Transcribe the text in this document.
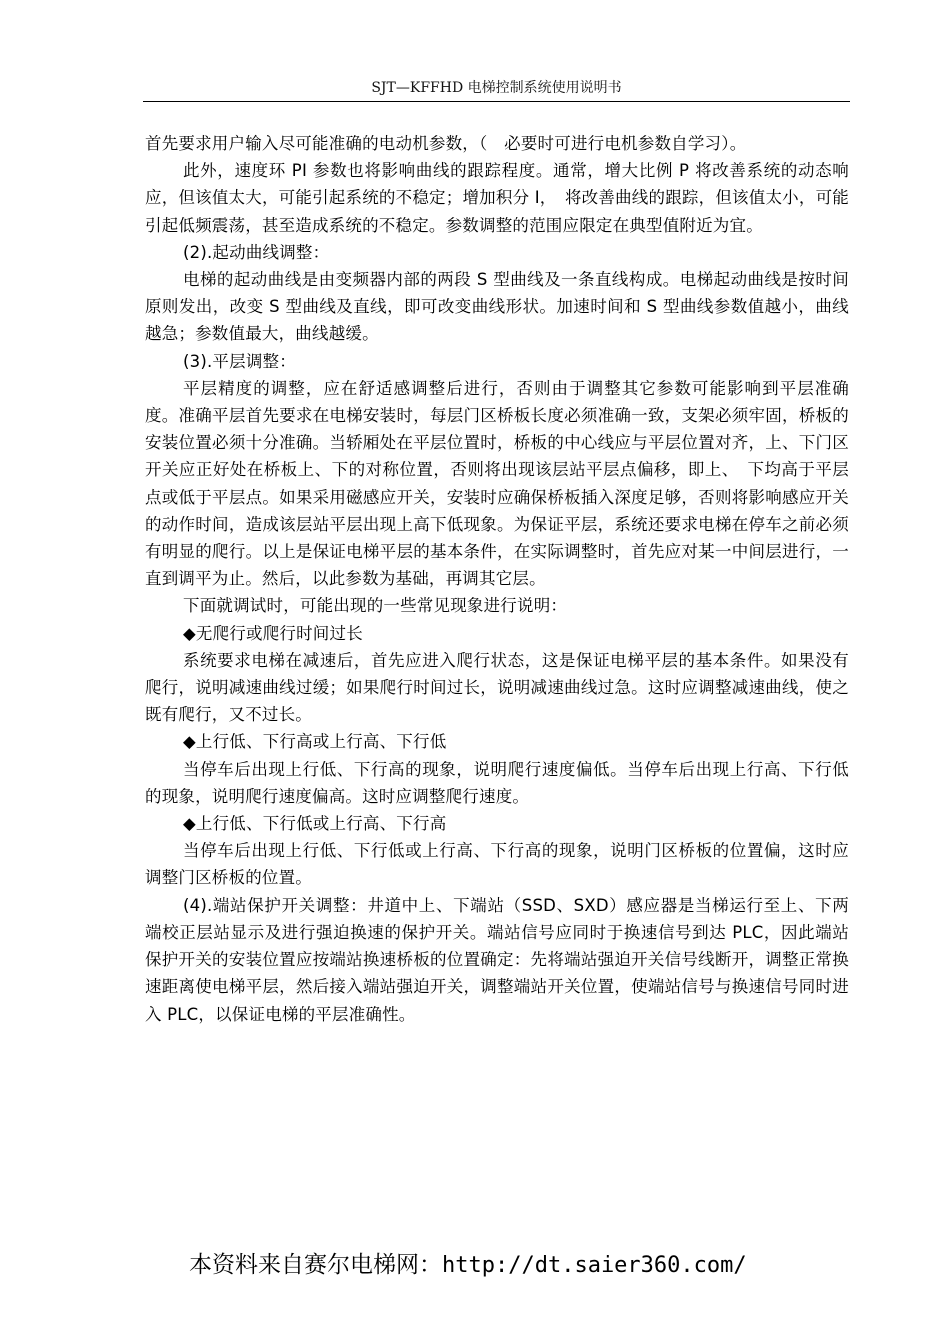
SJT—KFFHD 电梯控制系统使用说明书

首先要求用户输入尽可能准确的电动机参数，（　必要时可进行电机参数自学习）。

此外，速度环 PI 参数也将影响曲线的跟踪程度。通常，增大比例 P 将改善系统的动态响应，但该值太大，可能引起系统的不稳定；增加积分 I，　将改善曲线的跟踪，但该值太小，可能引起低频震荡，甚至造成系统的不稳定。参数调整的范围应限定在典型值附近为宜。

(2).起动曲线调整：

电梯的起动曲线是由变频器内部的两段 S 型曲线及一条直线构成。电梯起动曲线是按时间原则发出，改变 S 型曲线及直线，即可改变曲线形状。加速时间和 S 型曲线参数值越小，曲线越急；参数值最大，曲线越缓。

(3).平层调整：

平层精度的调整，应在舒适感调整后进行，否则由于调整其它参数可能影响到平层准确度。准确平层首先要求在电梯安装时，每层门区桥板长度必须准确一致，支架必须牢固，桥板的安装位置必须十分准确。当轿厢处在平层位置时，桥板的中心线应与平层位置对齐，上、下门区开关应正好处在桥板上、下的对称位置，否则将出现该层站平层点偏移，即上、　下均高于平层点或低于平层点。如果采用磁感应开关，安装时应确保桥板插入深度足够，否则将影响感应开关的动作时间，造成该层站平层出现上高下低现象。为保证平层，系统还要求电梯在停车之前必须有明显的爬行。以上是保证电梯平层的基本条件，在实际调整时，首先应对某一中间层进行，一直到调平为止。然后，以此参数为基础，再调其它层。

下面就调试时，可能出现的一些常见现象进行说明：

◆无爬行或爬行时间过长

系统要求电梯在减速后，首先应进入爬行状态，这是保证电梯平层的基本条件。如果没有爬行，说明减速曲线过缓；如果爬行时间过长，说明减速曲线过急。这时应调整减速曲线，使之既有爬行，又不过长。

◆上行低、下行高或上行高、下行低

当停车后出现上行低、下行高的现象，说明爬行速度偏低。当停车后出现上行高、下行低的现象，说明爬行速度偏高。这时应调整爬行速度。

◆上行低、下行低或上行高、下行高

当停车后出现上行低、下行低或上行高、下行高的现象，说明门区桥板的位置偏，这时应调整门区桥板的位置。

(4).端站保护开关调整：井道中上、下端站（SSD、SXD）感应器是当梯运行至上、下两端校正层站显示及进行强迫换速的保护开关。端站信号应同时于换速信号到达 PLC，因此端站保护开关的安装位置应按端站换速桥板的位置确定：先将端站强迫开关信号线断开，调整正常换速距离使电梯平层，然后接入端站强迫开关，调整端站开关位置，使端站信号与换速信号同时进入 PLC，以保证电梯的平层准确性。

本资料来自赛尔电梯网：http://dt.saier360.com/
